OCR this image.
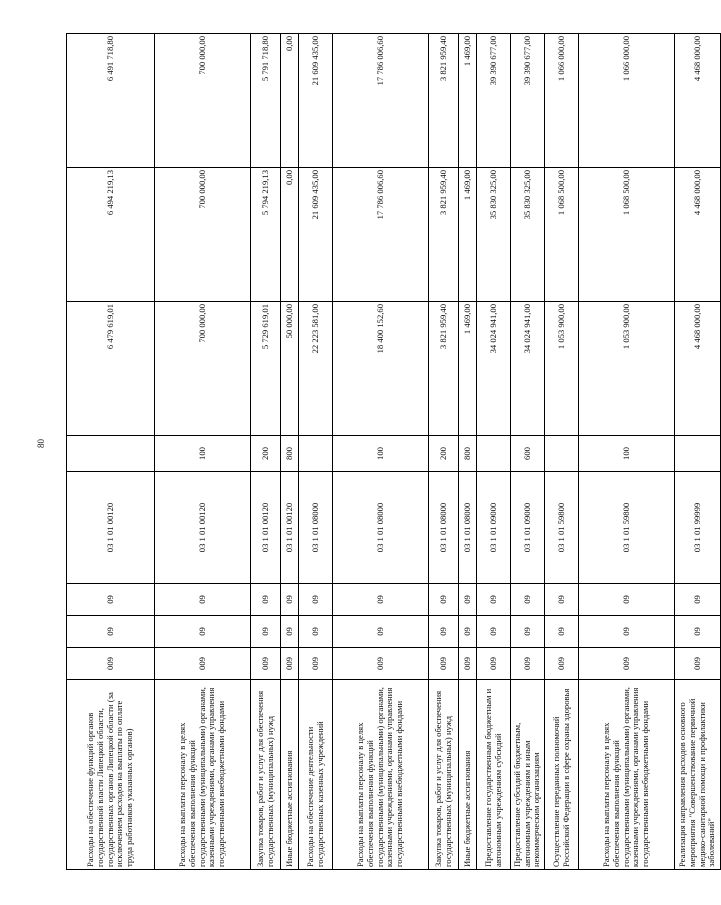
80
Расходы на обеспечение функций органов государственной власти Липецкой области, государственных органов Липецкой области (за исключением расходов на выплаты по оплате труда работников указанных органов)	009	09	09	03 1 01 00120		6 479 619,01	6 494 219,13	6 491 718,80
Расходы на выплаты персоналу в целях обеспечения выполнения функций государственными (муниципальными) органами, казенными учреждениями, органами управления государственными внебюджетными фондами	009	09	09	03 1 01 00120	100	700 000,00	700 000,00	700 000,00
Закупка товаров, работ и услуг для обеспечения государственных (муниципальных) нужд	009	09	09	03 1 01 00120	200	5 729 619,01	5 794 219,13	5 791 718,80
Иные бюджетные ассигнования	009	09	09	03 1 01 00120	800	50 000,00	0,00	0,00
Расходы на обеспечение деятельности государственных казенных учреждений	009	09	09	03 1 01 08000		22 223 581,00	21 609 435,00	21 609 435,00
Расходы на выплаты персоналу в целях обеспечения выполнения функций государственными (муниципальными) органами, казенными учреждениями, органами управления государственными внебюджетными фондами	009	09	09	03 1 01 08000	100	18 400 152,60	17 786 006,60	17 786 006,60
Закупка товаров, работ и услуг для обеспечения государственных (муниципальных) нужд	009	09	09	03 1 01 08000	200	3 821 959,40	3 821 959,40	3 821 959,40
Иные бюджетные ассигнования	009	09	09	03 1 01 08000	800	1 469,00	1 469,00	1 469,00
Предоставление государственным бюджетным и автономным учреждениям субсидий	009	09	09	03 1 01 09000		34 024 941,00	35 830 325,00	39 390 677,00
Предоставление субсидий бюджетным, автономным учреждениям и иным некоммерческим организациям	009	09	09	03 1 01 09000	600	34 024 941,00	35 830 325,00	39 390 677,00
Осуществление переданных полномочий Российской Федерации в сфере охраны здоровья	009	09	09	03 1 01 59800		1 053 900,00	1 068 500,00	1 066 000,00
Расходы на выплаты персоналу в целях обеспечения выполнения функций государственными (муниципальными) органами, казенными учреждениями, органами управления государственными внебюджетными фондами	009	09	09	03 1 01 59800	100	1 053 900,00	1 068 500,00	1 066 000,00
Реализация направления расходов основного мероприятия "Совершенствование первичной медико-санитарной помощи и профилактики заболеваний"	009	09	09	03 1 01 99999		4 468 000,00	4 468 000,00	4 468 000,00
